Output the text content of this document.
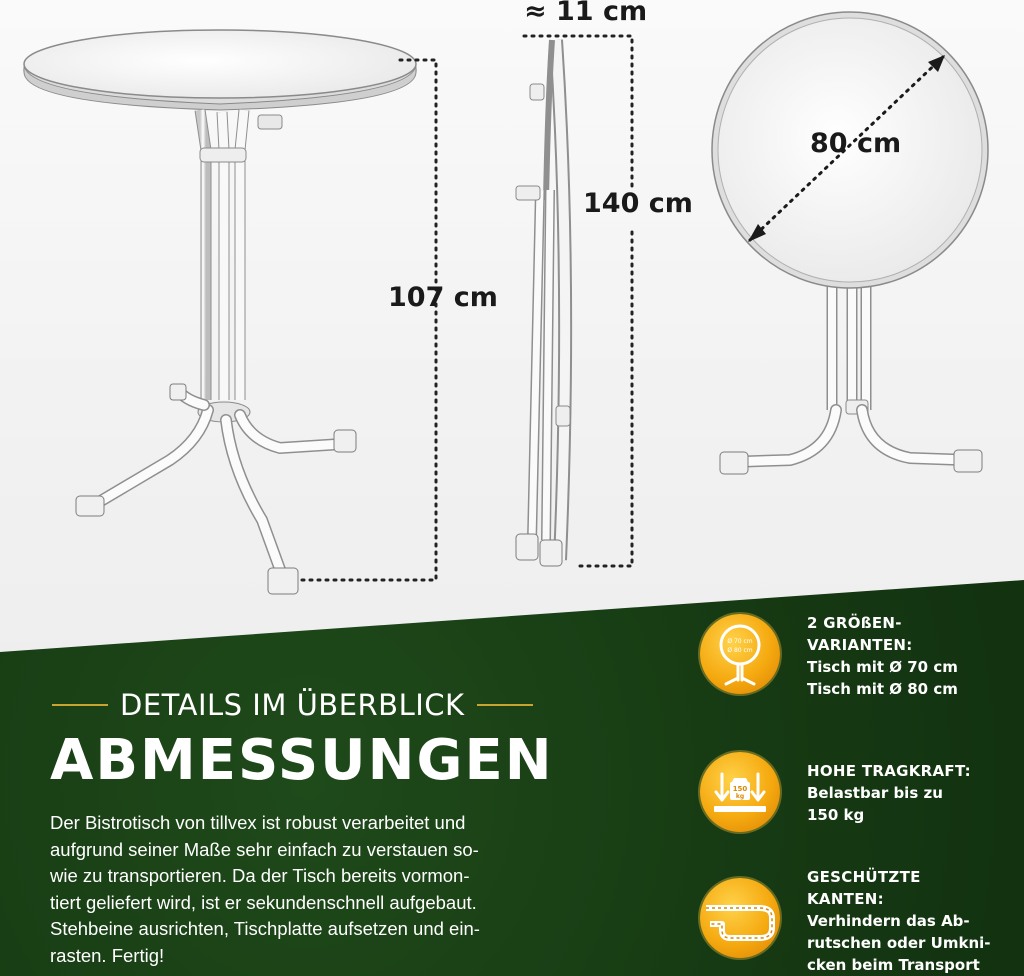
≈ 11 cm
140 cm
107 cm
80 cm
DETAILS IM ÜBERBLICK
ABMESSUNGEN
Der Bistrotisch von tillvex ist robust verarbeitet und
aufgrund seiner Maße sehr einfach zu verstauen so-
wie zu transportieren. Da der Tisch bereits vormon-
tiert geliefert wird, ist er sekundenschnell aufgebaut.
Stehbeine ausrichten, Tischplatte aufsetzen und ein-
rasten. Fertig!
Ø 70 cm
Ø 80 cm
2 GRÖßEN-
VARIANTEN:
Tisch mit Ø 70 cm
Tisch mit Ø 80 cm
150
kg
HOHE TRAGKRAFT:
Belastbar bis zu
150 kg
GESCHÜTZTE
KANTEN:
Verhindern das Ab-
rutschen oder Umkni-
cken beim Transport
